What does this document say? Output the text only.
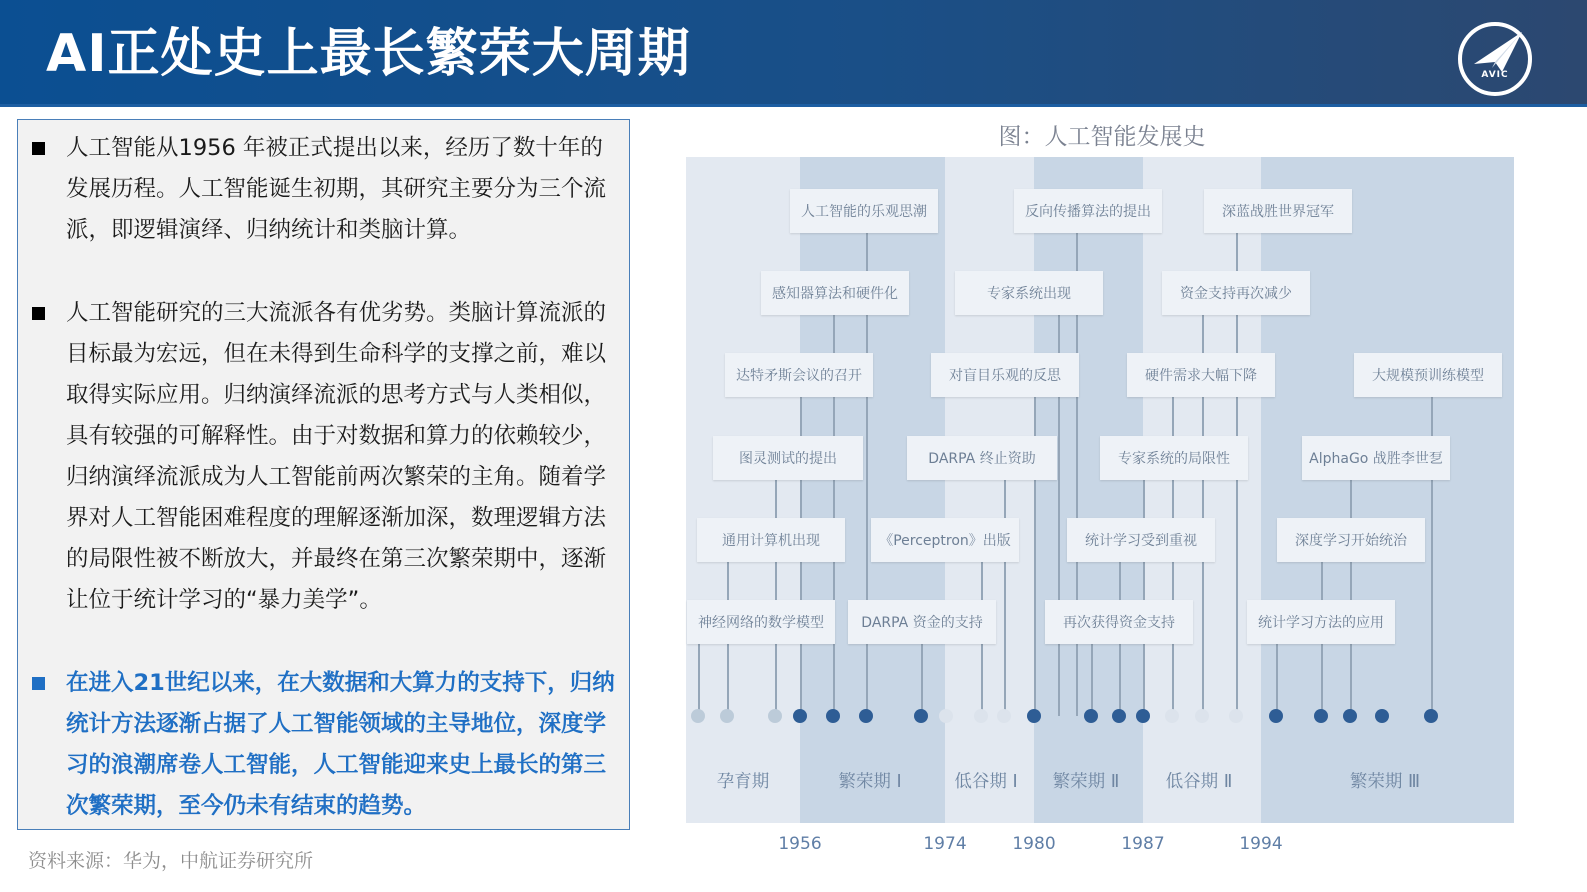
AI正处史上最长繁荣大周期	AVIC
人工智能从1956 年被正式提出以来，经历了数十年的发展历程。人工智能诞生初期，其研究主要分为三个流派，即逻辑演绎、归纳统计和类脑计算。
人工智能研究的三大流派各有优劣势。类脑计算流派的目标最为宏远，但在未得到生命科学的支撑之前，难以取得实际应用。归纳演绎流派的思考方式与人类相似，具有较强的可解释性。由于对数据和算力的依赖较少，归纳演绎流派成为人工智能前两次繁荣的主角。随着学界对人工智能困难程度的理解逐渐加深，数理逻辑方法的局限性被不断放大，并最终在第三次繁荣期中，逐渐让位于统计学习的“暴力美学”。
在进入21世纪以来，在大数据和大算力的支持下，归纳统计方法逐渐占据了人工智能领域的主导地位，深度学习的浪潮席卷人工智能，人工智能迎来史上最长的第三次繁荣期，至今仍未有结束的趋势。
资料来源：华为，中航证券研究所
图：人工智能发展史
神经网络的数学模型
通用计算机出现
图灵测试的提出
达特矛斯会议的召开
感知器算法和硬件化
人工智能的乐观思潮
DARPA 资金的支持
《Perceptron》出版
DARPA 终止资助
对盲目乐观的反思
专家系统出现
反向传播算法的提出
再次获得资金支持
统计学习受到重视
专家系统的局限性
硬件需求大幅下降
资金支持再次减少
深蓝战胜世界冠军
统计学习方法的应用
深度学习开始统治
AlphaGo 战胜李世乭
大规模预训练模型
孕育期	繁荣期 Ⅰ	低谷期 Ⅰ 繁荣期 Ⅱ	低谷期 Ⅱ	繁荣期 Ⅲ
1956	1974	1980	1987	1994
